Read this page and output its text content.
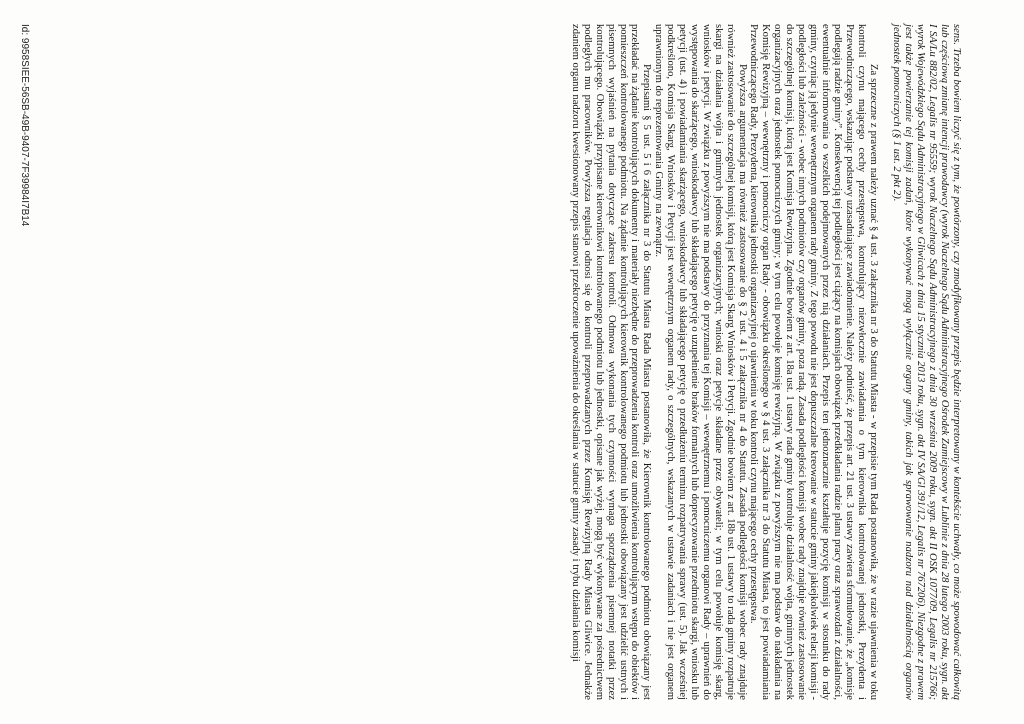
sens. Trzeba bowiem liczyć się z tym, że powtórzony, czy zmodyfikowany przepis będzie interpretowany w kontekście uchwały, co może spowodować całkowitą lub częściową zmianę intencji prawodawcy (wyrok Naczelnego Sądu Administracyjnego Ośrodek Zamiejscowy w Lublinie z dnia 28 lutego 2003 roku, sygn. akt I SA/Lu 882/02, Legalis nr 95559; wyrok Naczelnego Sądu Administracyjnego z dnia 30 września 2009 roku, sygn. akt II OSK 1077/09, Legalis nr 215766; wyrok Wojewódzkiego Sądu Administracyjnego w Gliwicach z dnia 15 stycznia 2013 roku, sygn. akt IV SA/Gl 391/12, Legalis nr 767206). Niezgodne z prawem jest także powierzanie tej komisji zadań, które wykonywać mogą wyłącznie organy gminy, takich jak sprawowanie nadzoru nad działalnością organów jednostek pomocniczych (§ 1 ust. 2 pkt 2).

Za sprzeczne z prawem należy uznać § 4 ust. 3 załącznika nr 3 do Statutu Miasta - w przepisie tym Rada postanowiła, że w razie ujawnienia w toku kontroli czynu mającego cechy przestępstwa, kontrolujący niezwłocznie zawiadamia o tym kierownika kontrolowanej jednostki, Prezydenta i Przewodniczącego, wskazując podstawy uzasadniające zawiadomienie. Należy podnieść, że przepis art. 21 ust. 3 ustawy zawiera sformułowanie, że „komisje podlegają radzie gminy”. Konsekwencją tej podległości jest ciążący na komisjach obowiązek przedkładania radzie planu pracy oraz sprawozdań z działalności, ewentualnie informowania o wszelkich podejmowanych przez nią działaniach. Przepis ten jednoznacznie kształtuje pozycję komisji w stosunku do rady gminy, czyniąc ją jedynie wewnętrznym organem rady gminy. Z tego powodu nie jest dopuszczalne kreowanie w statucie gminy jakiejkolwiek relacji komisji - podległości lub zależności - wobec innych podmiotów czy organów gminy, poza radą. Zasada podległości komisji wobec rady znajduje również zastosowanie do szczególnej komisji, którą jest Komisja Rewizyjna. Zgodnie bowiem z art. 18a ust. 1 ustawy rada gminy kontroluje działalność wójta, gminnych jednostek organizacyjnych oraz jednostek pomocniczych gminy; w tym celu powołuje komisję rewizyjną. W związku z powyższym nie ma podstaw do nakładania na Komisję Rewizyjną – wewnętrzny i pomocniczy organ Rady - obowiązku określonego w § 4 ust. 3 załącznika nr 3 do Statutu Miasta, to jest powiadamiania Przewodniczącego Rady, Prezydenta, kierownika jednostki organizacyjnej o ujawnieniu w toku kontroli czynu mającego cechy przestępstwa.

Powyższa argumentacja ma również zastosowanie do § 2 ust. 4 i 5 załącznika nr 4 do Statutu. Zasada podległości komisji wobec rady znajduje również zastosowanie do szczególnej komisji, którą jest Komisja Skarg Wniosków i Petycji. Zgodnie bowiem z art. 18b ust. 1 ustawy to rada gminy rozpatruje skargi na działania wójta i gminnych jednostek organizacyjnych; wnioski oraz petycje składane przez obywateli; w tym celu powołuje komisję skarg, wniosków i petycji. W związku z powyższym nie ma podstawy do przyznania tej Komisji – wewnętrznemu i pomocniczemu organowi Rady – uprawnień do występowania do skarżącego, wnioskodawcy lub składającego petycję o uzupełnienie braków formalnych lub doprecyzowanie przedmiotu skargi, wniosku lub petycji (ust. 4) i powiadamiania skarżącego, wnioskodawcy lub składającego petycję o przedłużeniu terminu rozpatrywania sprawy (ust. 5). Jak wcześniej podkreślono, Komisja Skarg, Wniosków i Petycji jest wewnętrznym organem rady, o szczególnych, wskazanych w ustawie zadaniach i nie jest organem uprawnionym do reprezentowania Gminy na zewnątrz.

Przepisami § 5 ust. 5 i 6 załącznika nr 3 do Statutu Miasta Rada Miasta postanowiła, że Kierownik kontrolowanego podmiotu obowiązany jest przekładać na żądanie kontrolujących dokumenty i materiały niezbędne do przeprowadzenia kontroli oraz umożliwienia kontrolującym wstępu do obiektów i pomieszczeń kontrolowanego podmiotu. Na żądanie kontrolujących kierownik kontrolowanego podmiotu lub jednostki obowiązany jest udzielić ustnych i pisemnych wyjaśnień na pytania dotyczące zakresu kontroli. Odmowa wykonania tych czynności wymaga sporządzenia pisemnej notatki przez kontrolującego. Obowiązki przypisane kierownikowi kontrolowanego podmiotu lub jednostki, opisane jak wyżej, mogą być wykonywane za pośrednictwem podległych mu pracowników. Powyższa regulacja odnosi się do kontroli przeprowadzanych przez Komisję Rewizyjną Rady Miasta Gliwice. Jednakże zdaniem organu nadzoru kwestionowany przepis stanowi przekroczenie upoważnienia do określania w statucie gminy zasady i trybu działania komisji

Id: 9958SIEE-56SB-49B-9407-7F39984I7B14
